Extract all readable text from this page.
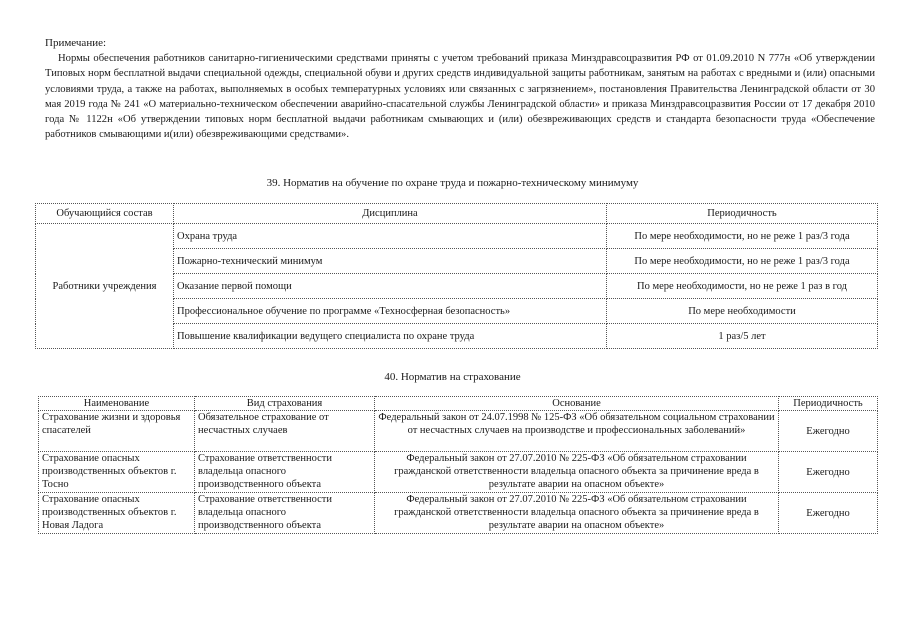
Примечание:
Нормы обеспечения работников санитарно-гигиеническими средствами приняты с учетом требований приказа Минздравсоцразвития РФ от 01.09.2010 N 777н «Об утверждении Типовых норм бесплатной выдачи специальной одежды, специальной обуви и других средств индивидуальной защиты работникам, занятым на работах с вредными и (или) опасными условиями труда, а также на работах, выполняемых в особых температурных условиях или связанных с загрязнением», постановления Правительства Ленинградской области от 30 мая 2019 года № 241 «О материально-техническом обеспечении аварийно-спасательной службы Ленинградской области» и приказа Минздравсоцразвития России от 17 декабря 2010 года № 1122н «Об утверждении типовых норм бесплатной выдачи работникам смывающих и (или) обезвреживающих средств и стандарта безопасности труда «Обеспечение работников смывающими и(или) обезвреживающими средствами».
39. Норматив на обучение по охране труда и пожарно-техническому минимуму
Обучающийся состав	Дисциплина	Периодичность
Работники учреждения	Охрана труда	По мере необходимости, но не реже 1 раз/3 года
	Пожарно-технический минимум	По мере необходимости, но не реже 1 раз/3 года
	Оказание первой помощи	По мере необходимости, но не реже 1 раз в год
	Профессиональное обучение по программе «Техносферная безопасность»	По мере необходимости
	Повышение квалификации ведущего специалиста по охране труда	1 раз/5 лет
40. Норматив на страхование
Наименование	Вид страхования	Основание	Периодичность
Страхование жизни и здоровья спасателей	Обязательное страхование от несчастных случаев	Федеральный закон от 24.07.1998 № 125-ФЗ «Об обязательном социальном страховании от несчастных случаев на производстве и профессиональных заболеваний»	Ежегодно
Страхование опасных производственных объектов г. Тосно	Страхование ответственности владельца опасного производственного объекта	Федеральный закон от 27.07.2010 № 225-ФЗ «Об обязательном страховании гражданской ответственности владельца опасного объекта за причинение вреда в результате аварии на опасном объекте»	Ежегодно
Страхование опасных производственных объектов г. Новая Ладога	Страхование ответственности владельца опасного производственного объекта	Федеральный закон от 27.07.2010 № 225-ФЗ «Об обязательном страховании гражданской ответственности владельца опасного объекта за причинение вреда в результате аварии на опасном объекте»	Ежегодно
